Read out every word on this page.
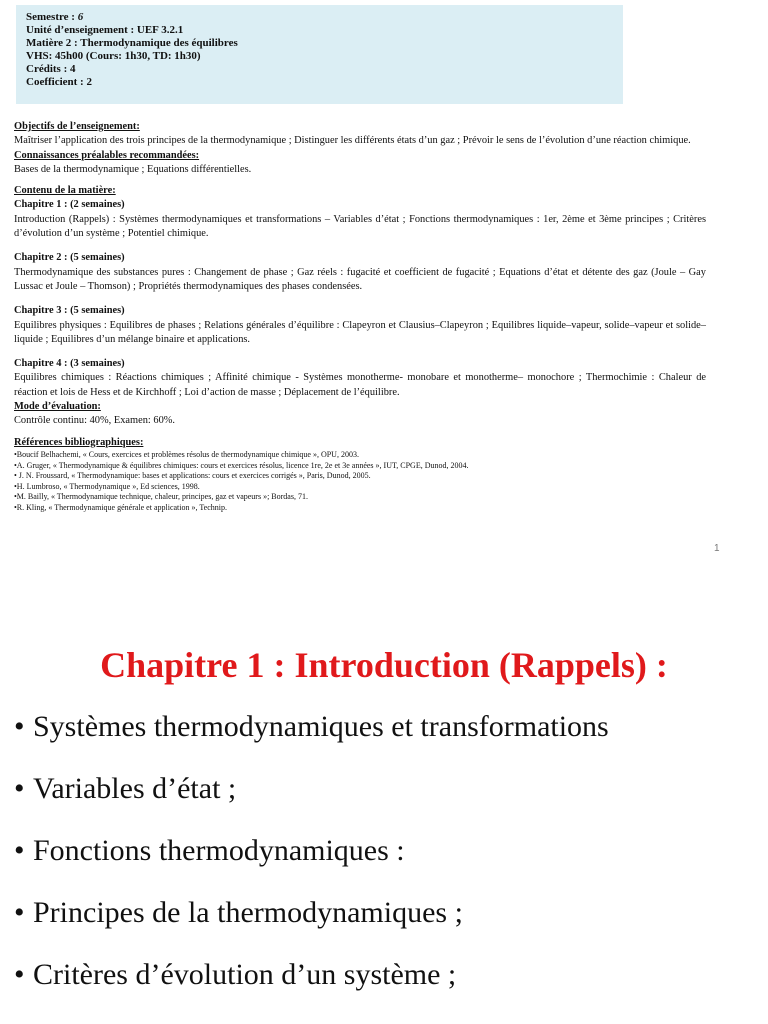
Semestre : 6
Unité d’enseignement : UEF 3.2.1
Matière 2 : Thermodynamique des équilibres
VHS: 45h00 (Cours: 1h30, TD: 1h30)
Crédits : 4
Coefficient : 2
Objectifs de l’enseignement:
Maîtriser l’application des trois principes de la thermodynamique ; Distinguer les différents états d’un gaz ; Prévoir le sens de l’évolution d’une réaction chimique.
Connaissances préalables recommandées:
Bases de la thermodynamique ; Equations différentielles.
Contenu de la matière:
Chapitre 1 : (2 semaines)
Introduction (Rappels) : Systèmes thermodynamiques et transformations – Variables d’état ; Fonctions thermodynamiques : 1er, 2ème et 3ème principes ; Critères d’évolution d’un système ; Potentiel chimique.
Chapitre 2 : (5 semaines)
Thermodynamique des substances pures : Changement de phase ; Gaz réels : fugacité et coefficient de fugacité ; Equations d’état et détente des gaz (Joule – Gay Lussac et Joule – Thomson) ; Propriétés thermodynamiques des phases condensées.
Chapitre 3 : (5 semaines)
Equilibres physiques : Equilibres de phases ; Relations générales d’équilibre : Clapeyron et Clausius–Clapeyron ; Equilibres liquide–vapeur, solide–vapeur et solide–liquide ; Equilibres d’un mélange binaire et applications.
Chapitre 4 : (3 semaines)
Equilibres chimiques : Réactions chimiques ; Affinité chimique - Systèmes monotherme- monobare et monotherme– monochore ; Thermochimie : Chaleur de réaction et lois de Hess et de Kirchhoff ; Loi d’action de masse ; Déplacement de l’équilibre.
Mode d’évaluation:
Contrôle continu: 40%, Examen: 60%.
Références bibliographiques:
•Boucif Belhachemi, « Cours, exercices et problèmes résolus de thermodynamique chimique », OPU, 2003.
•A. Gruger, « Thermodynamique & équilibres chimiques: cours et exercices résolus, licence 1re, 2e et 3e années », IUT, CPGE, Dunod, 2004.
• J. N. Froussard, « Thermodynamique: bases et applications: cours et exercices corrigés », Paris, Dunod, 2005.
•H. Lumbroso, « Thermodynamique », Ed sciences, 1998.
•M. Bailly, « Thermodynamique technique, chaleur, principes, gaz et vapeurs »; Bordas, 71.
•R. Kling, « Thermodynamique générale et application », Technip.
1
Chapitre 1 : Introduction (Rappels) :
• Systèmes thermodynamiques et transformations
• Variables d’état ;
• Fonctions thermodynamiques :
• Principes de la thermodynamiques ;
• Critères d’évolution d’un système ;
